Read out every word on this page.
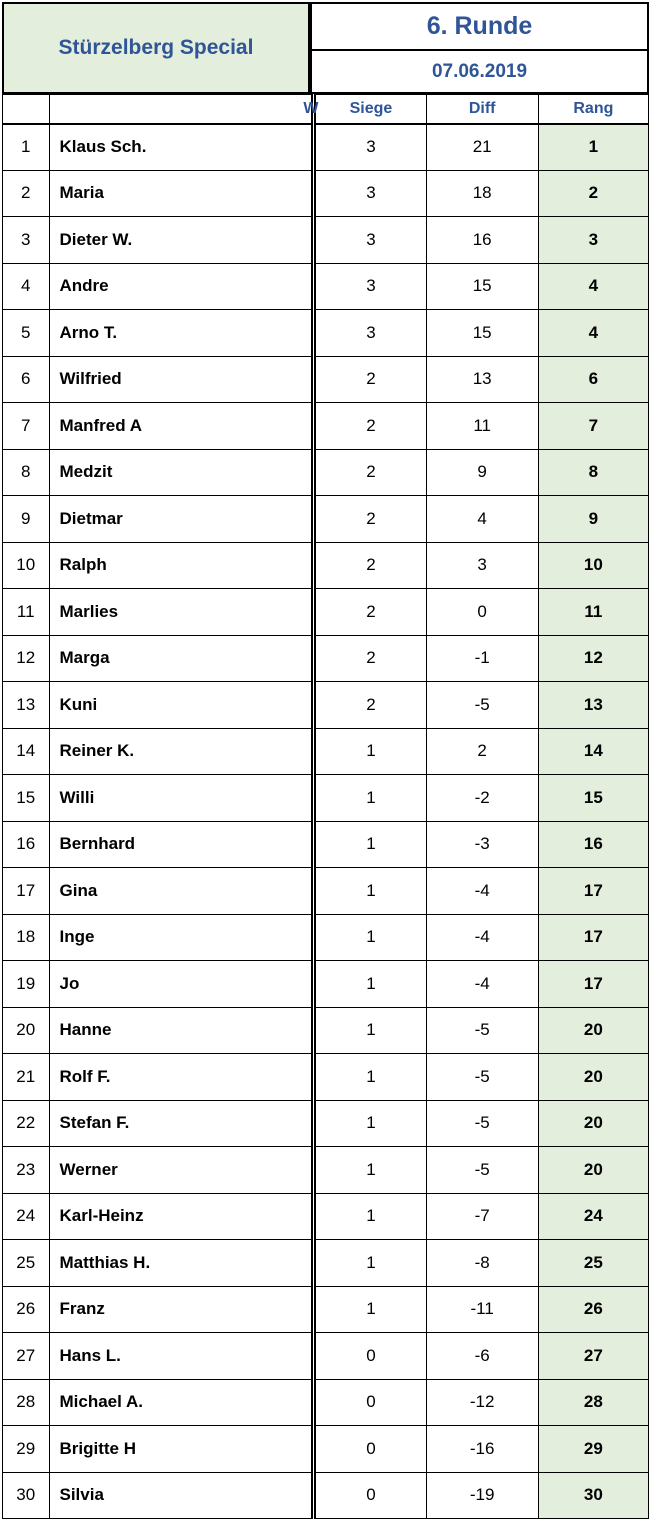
Stürzelberg Special
6. Runde
07.06.2019
	W	Siege	Diff	Rang
1	Klaus Sch.	3	21	1
2	Maria	3	18	2
3	Dieter W.	3	16	3
4	Andre	3	15	4
5	Arno T.	3	15	4
6	Wilfried	2	13	6
7	Manfred A	2	11	7
8	Medzit	2	9	8
9	Dietmar	2	4	9
10	Ralph	2	3	10
11	Marlies	2	0	11
12	Marga	2	-1	12
13	Kuni	2	-5	13
14	Reiner K.	1	2	14
15	Willi	1	-2	15
16	Bernhard	1	-3	16
17	Gina	1	-4	17
18	Inge	1	-4	17
19	Jo	1	-4	17
20	Hanne	1	-5	20
21	Rolf F.	1	-5	20
22	Stefan F.	1	-5	20
23	Werner	1	-5	20
24	Karl-Heinz	1	-7	24
25	Matthias H.	1	-8	25
26	Franz	1	-11	26
27	Hans L.	0	-6	27
28	Michael A.	0	-12	28
29	Brigitte H	0	-16	29
30	Silvia	0	-19	30
